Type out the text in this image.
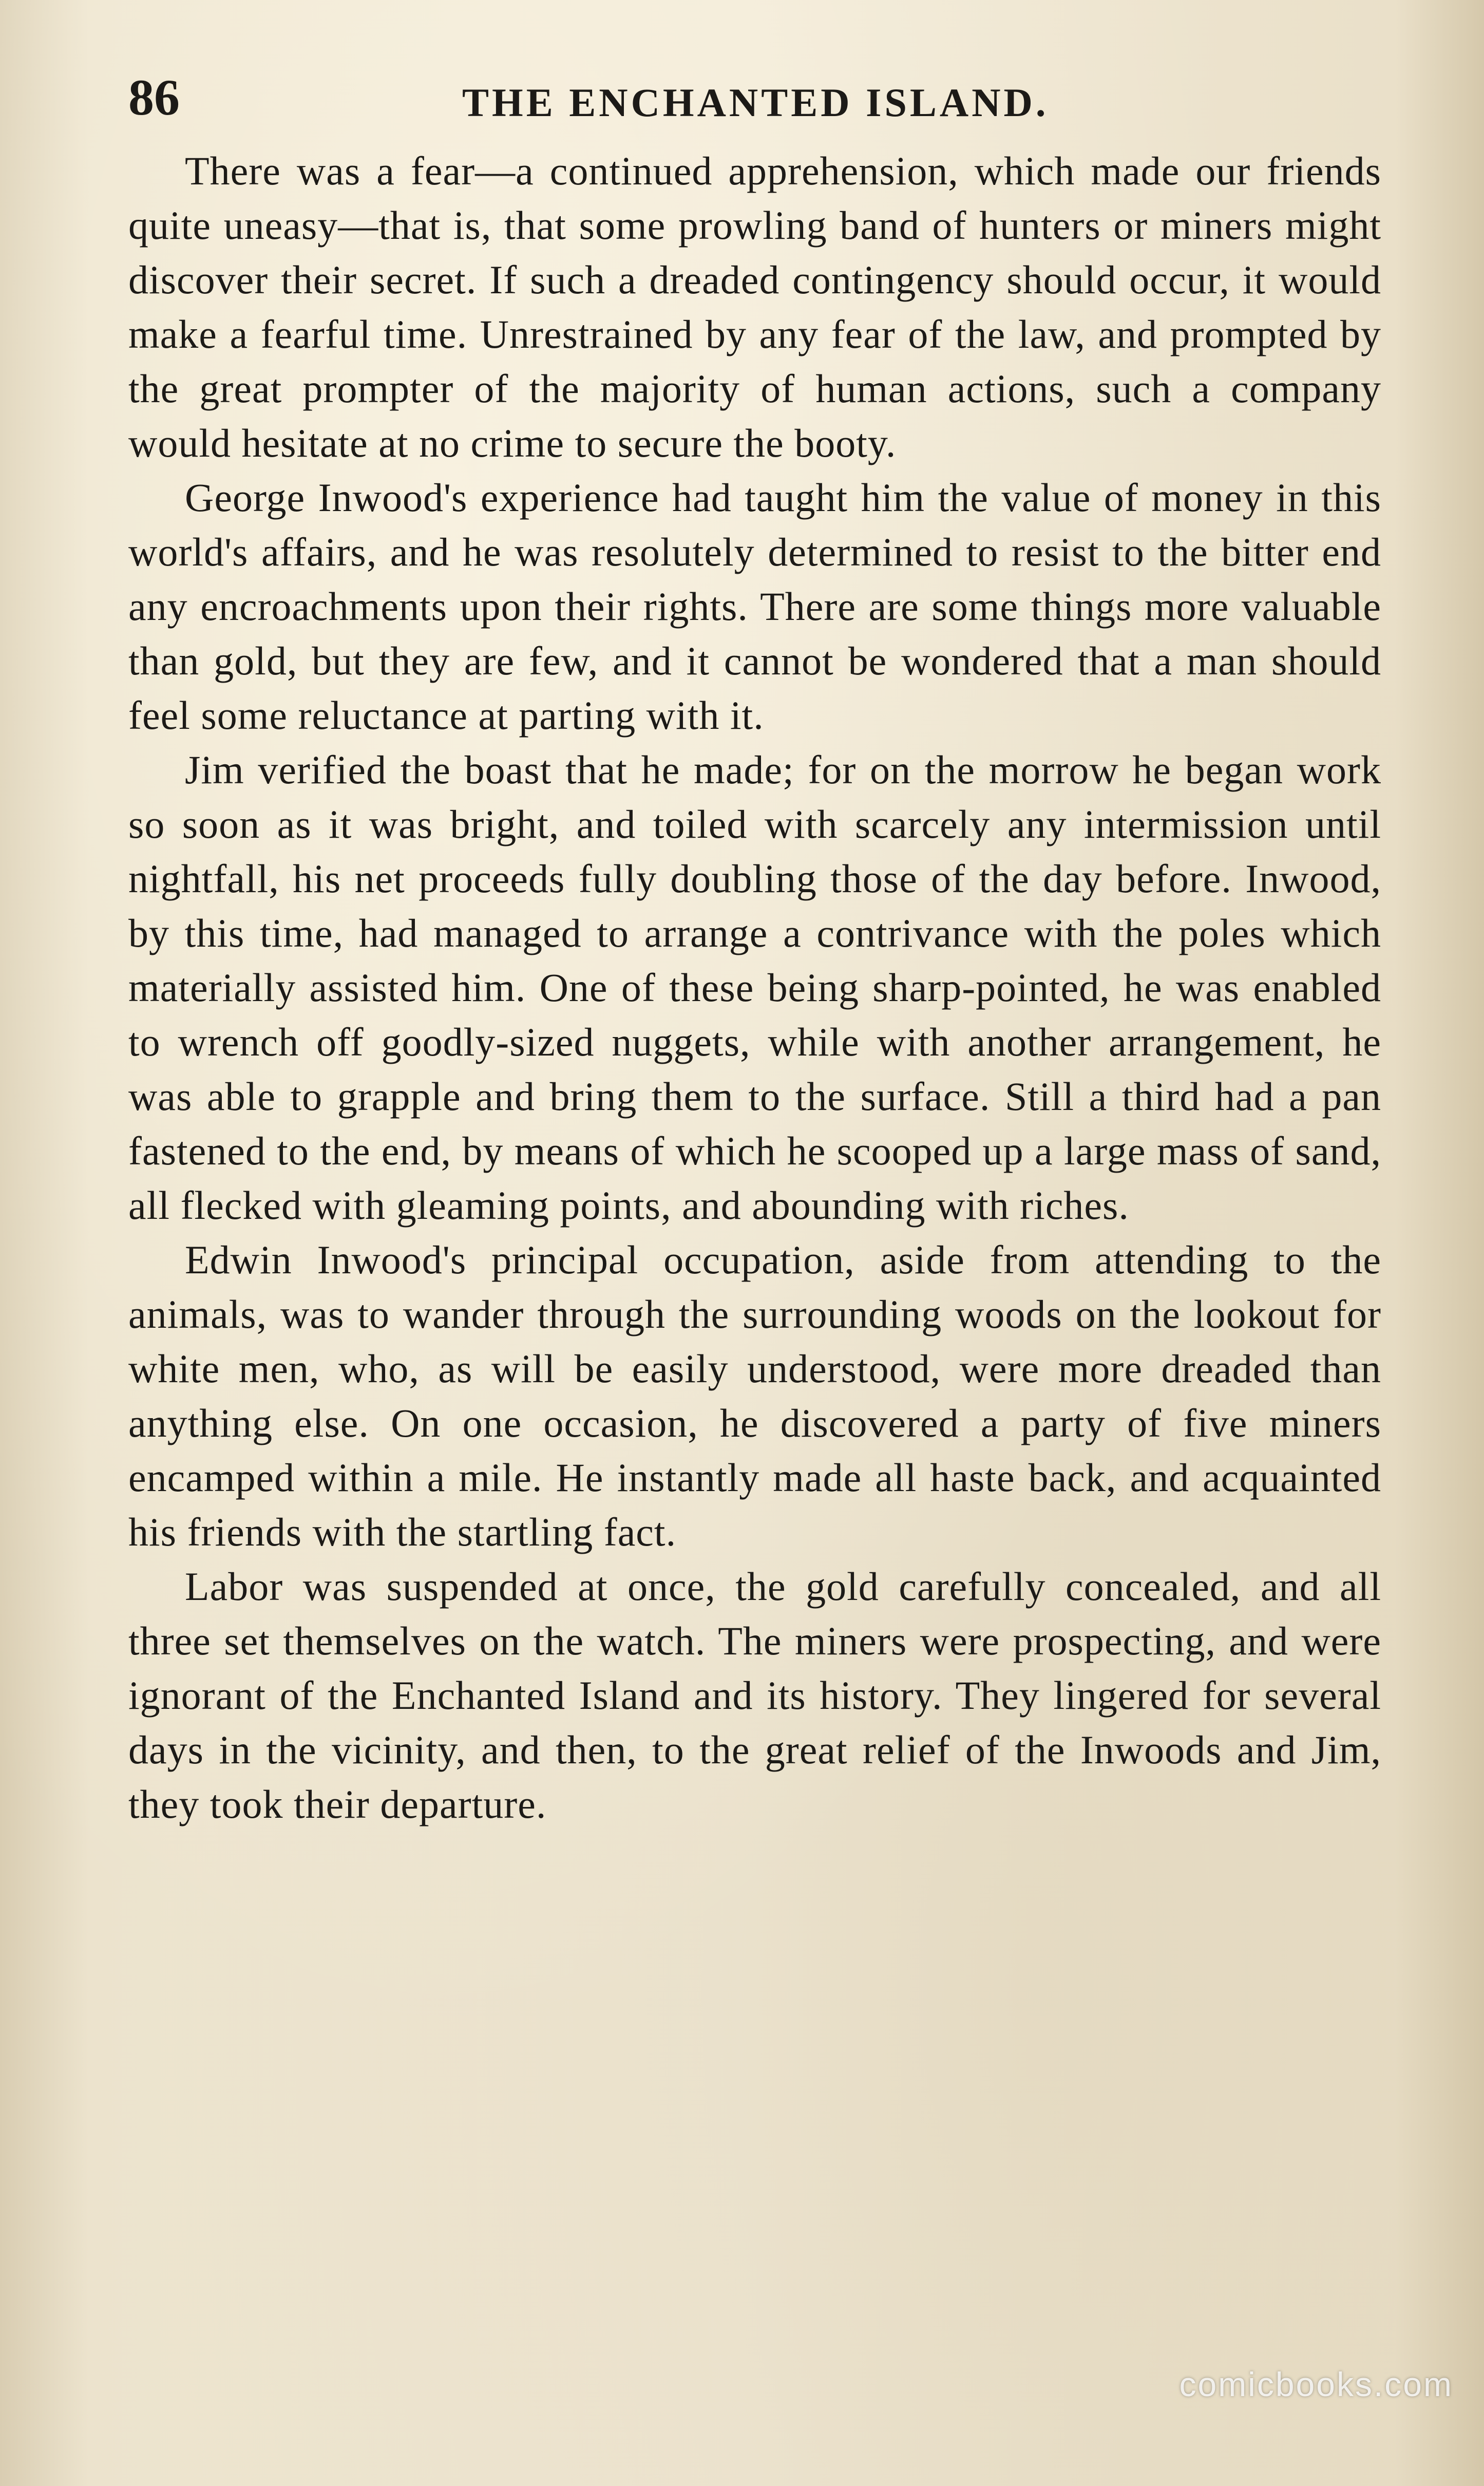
86	THE ENCHANTED ISLAND.

There was a fear—a continued apprehension, which made our friends quite uneasy—that is, that some prowling band of hunters or miners might discover their secret. If such a dreaded contingency should occur, it would make a fearful time. Unrestrained by any fear of the law, and prompted by the great prompter of the majority of human actions, such a company would hesitate at no crime to secure the booty.

George Inwood's experience had taught him the value of money in this world's affairs, and he was resolutely determined to resist to the bitter end any encroachments upon their rights. There are some things more valuable than gold, but they are few, and it cannot be wondered that a man should feel some reluctance at parting with it.

Jim verified the boast that he made; for on the morrow he began work so soon as it was bright, and toiled with scarcely any intermission until nightfall, his net proceeds fully doubling those of the day before. Inwood, by this time, had managed to arrange a contrivance with the poles which materially assisted him. One of these being sharp-pointed, he was enabled to wrench off goodly-sized nuggets, while with another arrangement, he was able to grapple and bring them to the surface. Still a third had a pan fastened to the end, by means of which he scooped up a large mass of sand, all flecked with gleaming points, and abounding with riches.

Edwin Inwood's principal occupation, aside from attending to the animals, was to wander through the surrounding woods on the lookout for white men, who, as will be easily understood, were more dreaded than anything else. On one occasion, he discovered a party of five miners encamped within a mile. He instantly made all haste back, and acquainted his friends with the startling fact.

Labor was suspended at once, the gold carefully concealed, and all three set themselves on the watch. The miners were prospecting, and were ignorant of the Enchanted Island and its history. They lingered for several days in the vicinity, and then, to the great relief of the Inwoods and Jim, they took their departure.

comicbooks.com
